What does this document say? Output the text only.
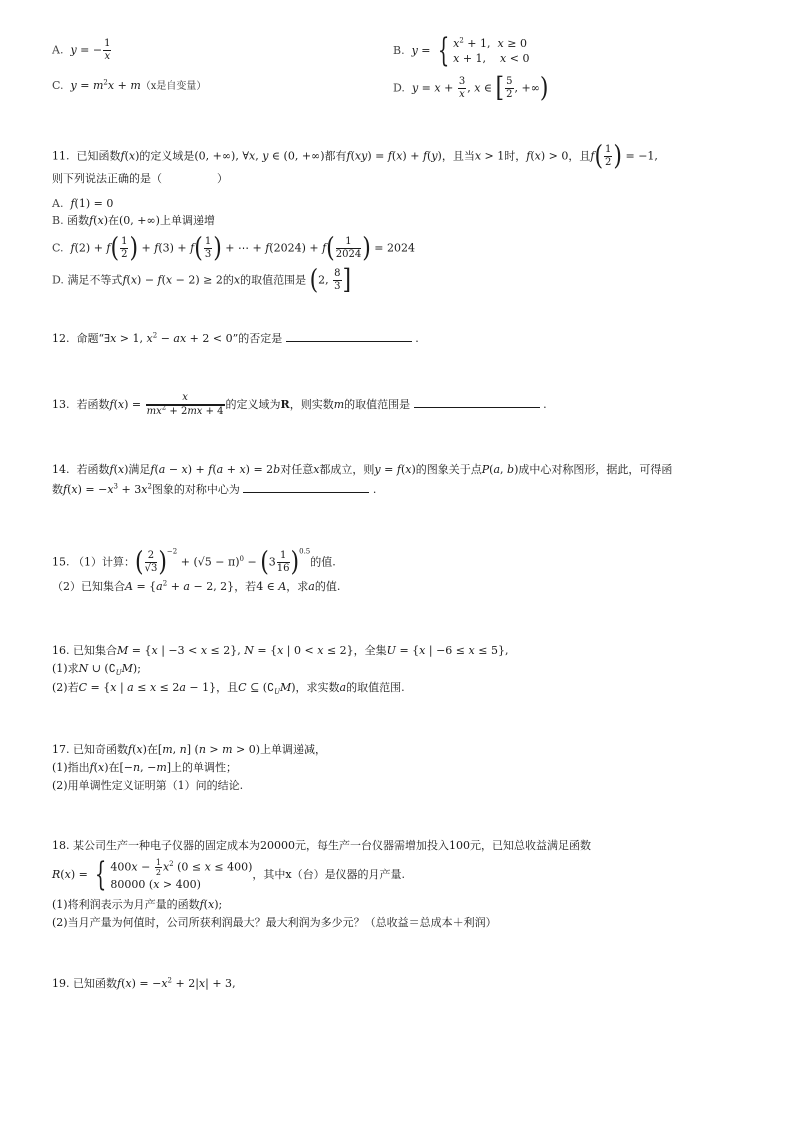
A. y = − $\frac{1}{x}$	B. y = { $x^2 + 1$,  x ≥ 0
x + 1,    x < 0
C. $y = m^2x + m(x$是自变量）	D. $y = x + \frac{3}{x}$ , x ∈ [ $\frac{5}{2}$ , +∞)
11. 已知函数f(x)的定义域是(0, +∞), ∀x, y ∈ (0, +∞)都有f(xy) = f(x) + f(y)，且当x > 1时，f(x) > 0，且$f( \frac{1}{2}$ ) = −1,
则下列说法正确的是（　　　　　）
A. f(1) = 0
B. 函数f(x)在(0, +∞)上单调递增
C. $f(2) + f( \frac{1}{2}$ ) + $f(3) + f( \frac{1}{3}$ ) + ⋯ + $f(2024) + f( \frac{1}{2024}$ ) = 2024
D. 满足不等式f(x) − f(x − 2) ≥ 2的x的取值范围是 (2, $\frac{8}{3}$ ]
12. 命题“∃x > 1, $x^2$ − ax + 2 < 0”的否定是	.
13. 若函数$f(x) = \frac{x}{mx^2 + 2mx + 4}$ 的定义域为R，则实数m的取值范围是	.
14. 若函数f(x)满足f(a − x) + f(a + x) = 2b对任意x都成立，则y = f(x)的图象关于点P(a, b)成中心对称图形，据此，可得函
数$f(x) = -x^3 + 3x^2$图象的对称中心为	.
15. （1）计算：( $\frac{2}{√3} )^{-2} + (√5 - \pi)^0 - (3 \frac{1}{16} )^{0.5}$的值.
（2）已知集合$A = \{a^2 + a - 2$, 2}，若4 ∈ A，求a的值.
16. 已知集合M = {x | −3 < x ≤ 2}, N = {x | 0 < x ≤ 2}，全集U = {x | −6 ≤ x ≤ 5},
(1)求N ∪ $(∁_UM)$;
(2)若C = {x | a ≤ x ≤ 2a − 1}，且C ⊆ $(∁_UM)$，求实数a的取值范围.
17. 已知奇函数f(x)在[m, n] (n > m > 0)上单调递减，
(1)指出f(x)在[−n, −m]上的单调性；
(2)用单调性定义证明第（1）问的结论.
18. 某公司生产一种电子仪器的固定成本为20000元，每生产一台仪器需增加投入100元，已知总收益满足函数
R(x) = { $400x - \frac{1}{2} x^2$ (0 ≤ x ≤ 400)
80000 (x > 400)，其中x（台）是仪器的月产量.
(1)将利润表示为月产量的函数f(x);
(2)当月产量为何值时，公司所获利润最大？最大利润为多少元？（总收益＝总成本＋利润）
19. 已知函数$f(x) = -x^2 + 2|x| + 3$,
